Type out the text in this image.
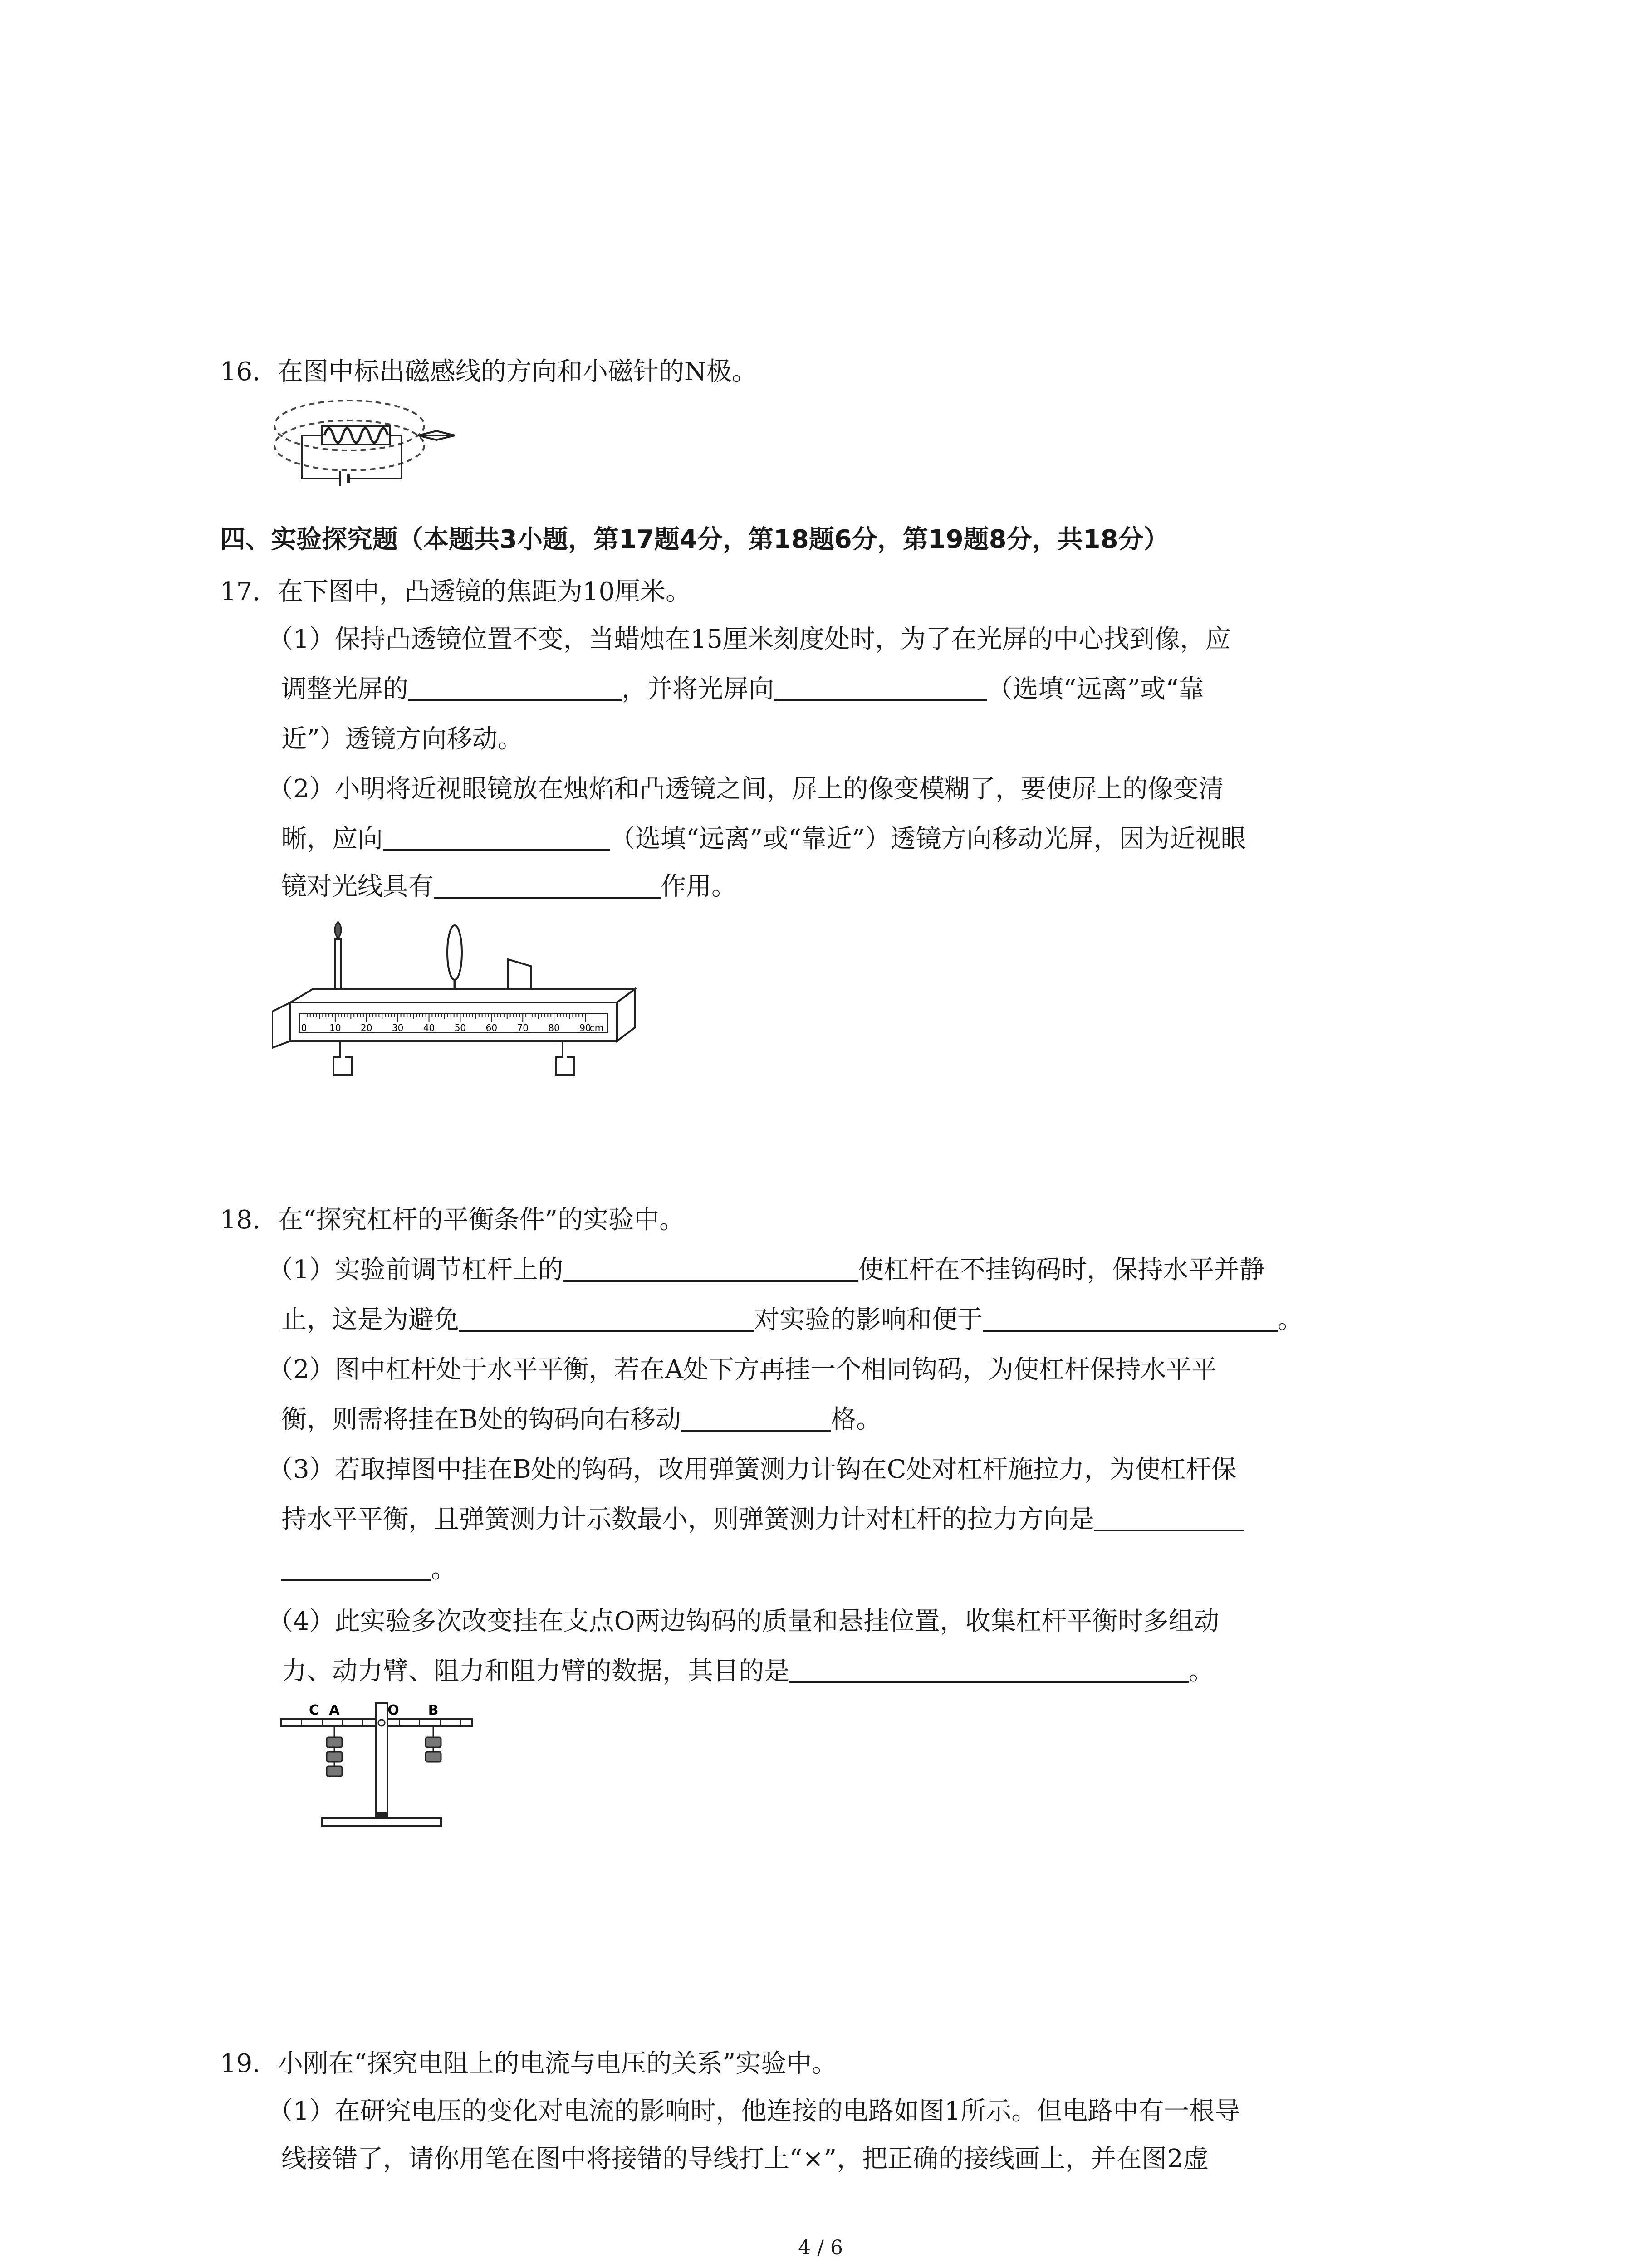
16. 在图中标出磁感线的方向和小磁针的N极。
四、实验探究题（本题共3小题，第17题4分，第18题6分，第19题8分，共18分）
17. 在下图中，凸透镜的焦距为10厘米。
（1）保持凸透镜位置不变，当蜡烛在15厘米刻度处时，为了在光屏的中心找到像，应
调整光屏的	，并将光屏向	（选填“远离”或“靠
近”）透镜方向移动。
（2）小明将近视眼镜放在烛焰和凸透镜之间，屏上的像变模糊了，要使屏上的像变清
晰，应向	（选填“远离”或“靠近”）透镜方向移动光屏，因为近视眼
镜对光线具有	作用。
0 10 20 30 40 50 60 70 80 90
cm
18. 在“探究杠杆的平衡条件”的实验中。
（1）实验前调节杠杆上的	使杠杆在不挂钩码时，保持水平并静
止，这是为避免	对实验的影响和便于	。
（2）图中杠杆处于水平平衡，若在A处下方再挂一个相同钩码，为使杠杆保持水平平
衡，则需将挂在B处的钩码向右移动	格。
（3）若取掉图中挂在B处的钩码，改用弹簧测力计钩在C处对杠杆施拉力，为使杠杆保
持水平平衡，且弹簧测力计示数最小，则弹簧测力计对杠杆的拉力方向是
。
（4）此实验多次改变挂在支点O两边钩码的质量和悬挂位置，收集杠杆平衡时多组动
力、动力臂、阻力和阻力臂的数据，其目的是	。
C A	O B
19. 小刚在“探究电阻上的电流与电压的关系”实验中。
（1）在研究电压的变化对电流的影响时，他连接的电路如图1所示。但电路中有一根导
线接错了，请你用笔在图中将接错的导线打上“×”，把正确的接线画上，并在图2虚
4 / 6
